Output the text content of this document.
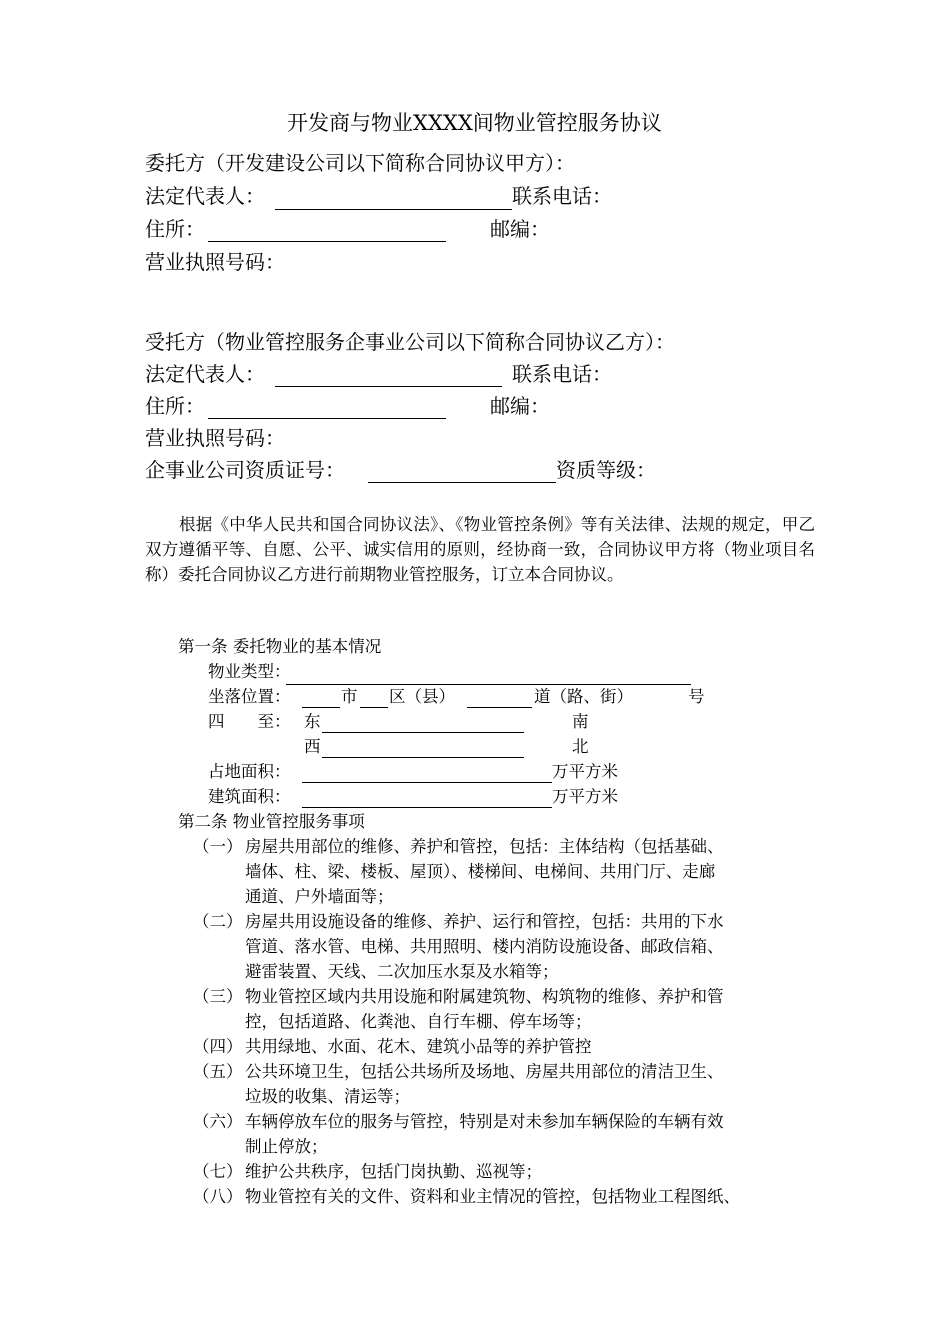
开发商与物业XXXX间物业管控服务协议
委托方（开发建设公司以下简称合同协议甲方）：
法定代表人：	联系电话：
住所：	邮编：
营业执照号码：
受托方（物业管控服务企事业公司以下简称合同协议乙方）：
法定代表人：	联系电话：
住所：	邮编：
营业执照号码：
企事业公司资质证号：	资质等级：
根据《中华人民共和国合同协议法》、《物业管控条例》等有关法律、法规的规定，甲乙双方遵循平等、自愿、公平、诚实信用的原则，经协商一致，合同协议甲方将（物业项目名称）委托合同协议乙方进行前期物业管控服务，订立本合同协议。
第一条 委托物业的基本情况
物业类型：
坐落位置：	市 区（县）	道（路、街）	号
四　　至： 东	南
西	北
占地面积：	万平方米
建筑面积：	万平方米
第二条 物业管控服务事项
（一） 房屋共用部位的维修、养护和管控，包括：主体结构（包括基础、
墙体、柱、梁、楼板、屋顶）、楼梯间、电梯间、共用门厅、走廊
通道、户外墙面等；
（二） 房屋共用设施设备的维修、养护、运行和管控，包括：共用的下水
管道、落水管、电梯、共用照明、楼内消防设施设备、邮政信箱、
避雷装置、天线、二次加压水泵及水箱等；
（三） 物业管控区域内共用设施和附属建筑物、构筑物的维修、养护和管
控，包括道路、化粪池、自行车棚、停车场等；
（四） 共用绿地、水面、花木、建筑小品等的养护管控
（五） 公共环境卫生，包括公共场所及场地、房屋共用部位的清洁卫生、
垃圾的收集、清运等；
（六） 车辆停放车位的服务与管控，特别是对未参加车辆保险的车辆有效
制止停放；
（七） 维护公共秩序，包括门岗执勤、巡视等；
（八） 物业管控有关的文件、资料和业主情况的管控，包括物业工程图纸、
